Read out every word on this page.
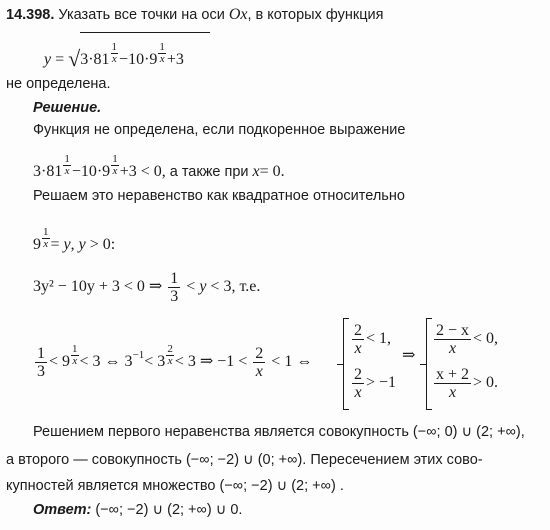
14.398. Указать все точки на оси Ox, в которых функция
$y = √3\cdot 81 \frac{1}{x} -10\cdot 9 \frac{1}{x} +3$
не определена.
Решение.
Функция не определена, если подкоренное выражение
$3\cdot 81 \frac{1}{x} -10\cdot 9 \frac{1}{x} +3 < 0$, а также при x= 0.
Решаем это неравенство как квадратное относительно
$9 \frac{1}{x} = y$, y > 0:
3y² − 10y + 3 < 0 ⇒ $\frac{1}{3} < y < 3$, т.е.
$\frac{1}{3} < 9 \frac{1}{x} < 3$ ⇔ $3^{-1}< 3 \frac{2}{x} < 3$ ⇒ $-1 < \frac{2}{x} < 1$ ⇔
$\frac{2}{x} < 1$,
$\frac{2}{x} > -1$
⇒ $\frac{2 - x}{x} < 0$,
$\frac{x + 2}{x} > 0$.
Решением первого неравенства является совокупность (−∞; 0) ∪ (2; +∞),
а второго — совокупность (−∞; −2) ∪ (0; +∞). Пересечением этих сово-
купностей является множество (−∞; −2) ∪ (2; +∞) .
Ответ: (−∞; −2) ∪ (2; +∞) ∪ 0.
